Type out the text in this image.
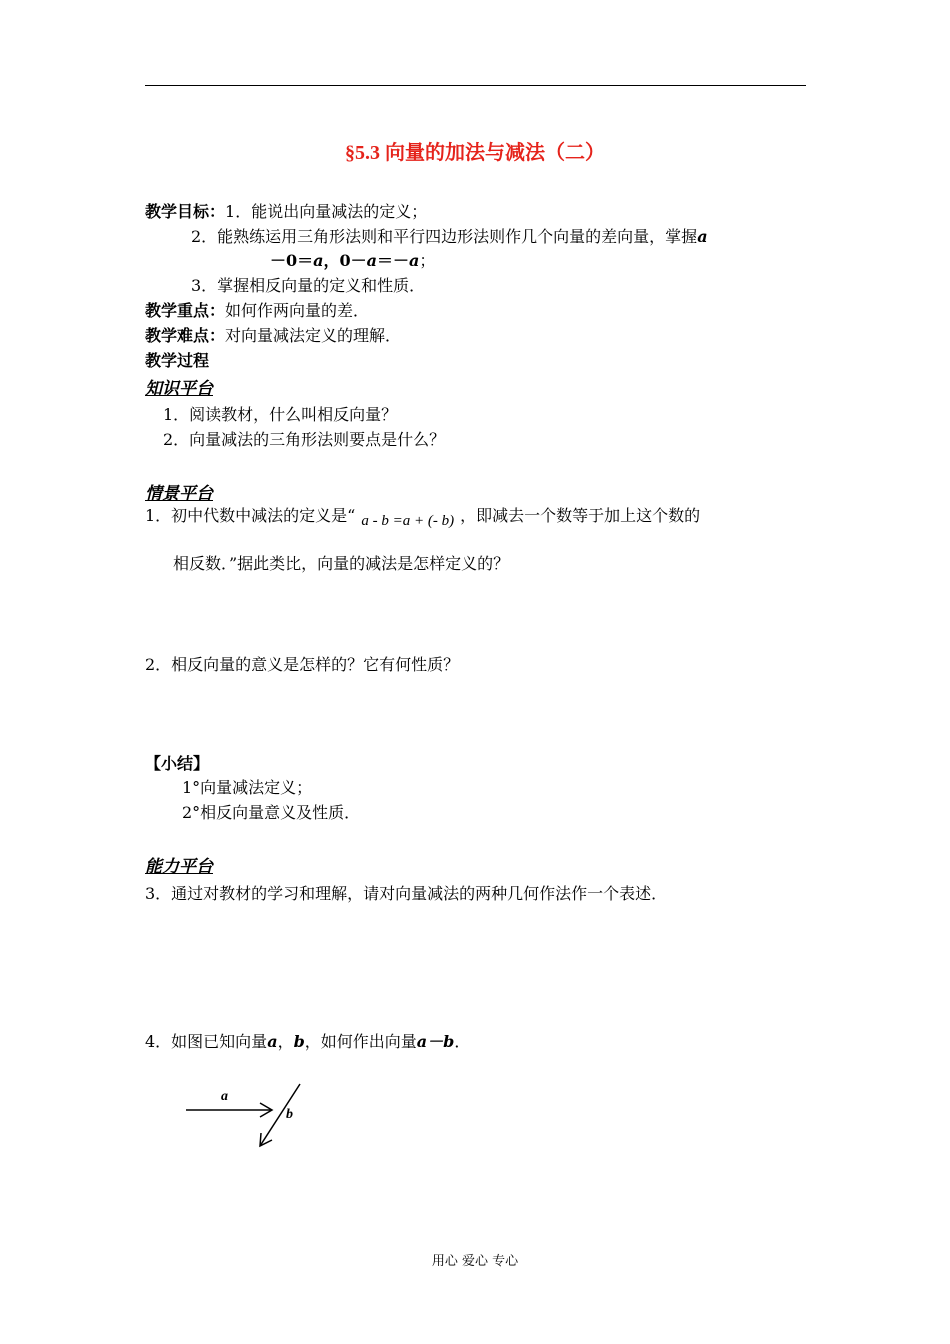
§5.3 向量的加法与减法（二）
教学目标：1．能说出向量减法的定义；
2．能熟练运用三角形法则和平行四边形法则作几个向量的差向量，掌握a
－0＝a，0－a＝－a；
3．掌握相反向量的定义和性质．
教学重点：如何作两向量的差．
教学难点：对向量减法定义的理解．
教学过程
知识平台
1．阅读教材，什么叫相反向量？
2．向量减法的三角形法则要点是什么？
情景平台
1．初中代数中减法的定义是“ a - b =a + (- b) ，即减去一个数等于加上这个数的
相反数．”据此类比，向量的减法是怎样定义的？
2．相反向量的意义是怎样的？它有何性质？
【小结】
1°向量减法定义；
2°相反向量意义及性质．
能力平台
3．通过对教材的学习和理解，请对向量减法的两种几何作法作一个表述．
4．如图已知向量a，b，如何作出向量a－b．
a
b
用心 爱心 专心
